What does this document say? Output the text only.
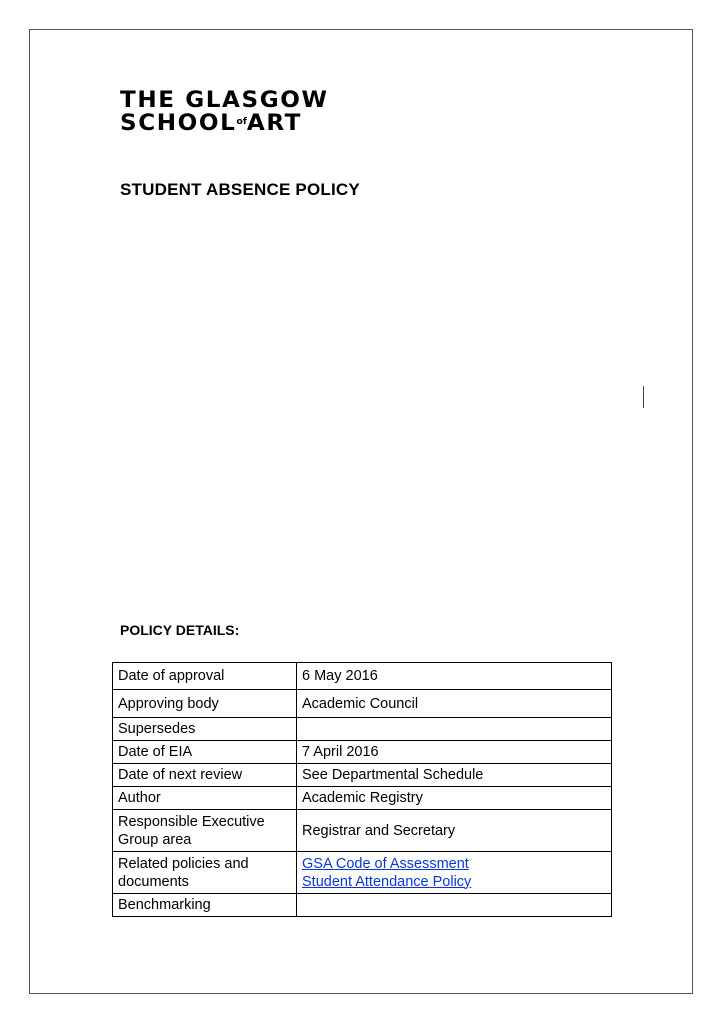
THE GLASGOW
SCHOOLofART
STUDENT ABSENCE POLICY
POLICY DETAILS:
Date of approval	6 May 2016
Approving body	Academic Council
Supersedes	
Date of EIA	7 April 2016
Date of next review	See Departmental Schedule
Author	Academic Registry
Responsible Executive Group area	Registrar and Secretary
Related policies and documents	GSA Code of Assessment
Student Attendance Policy

Benchmarking	
